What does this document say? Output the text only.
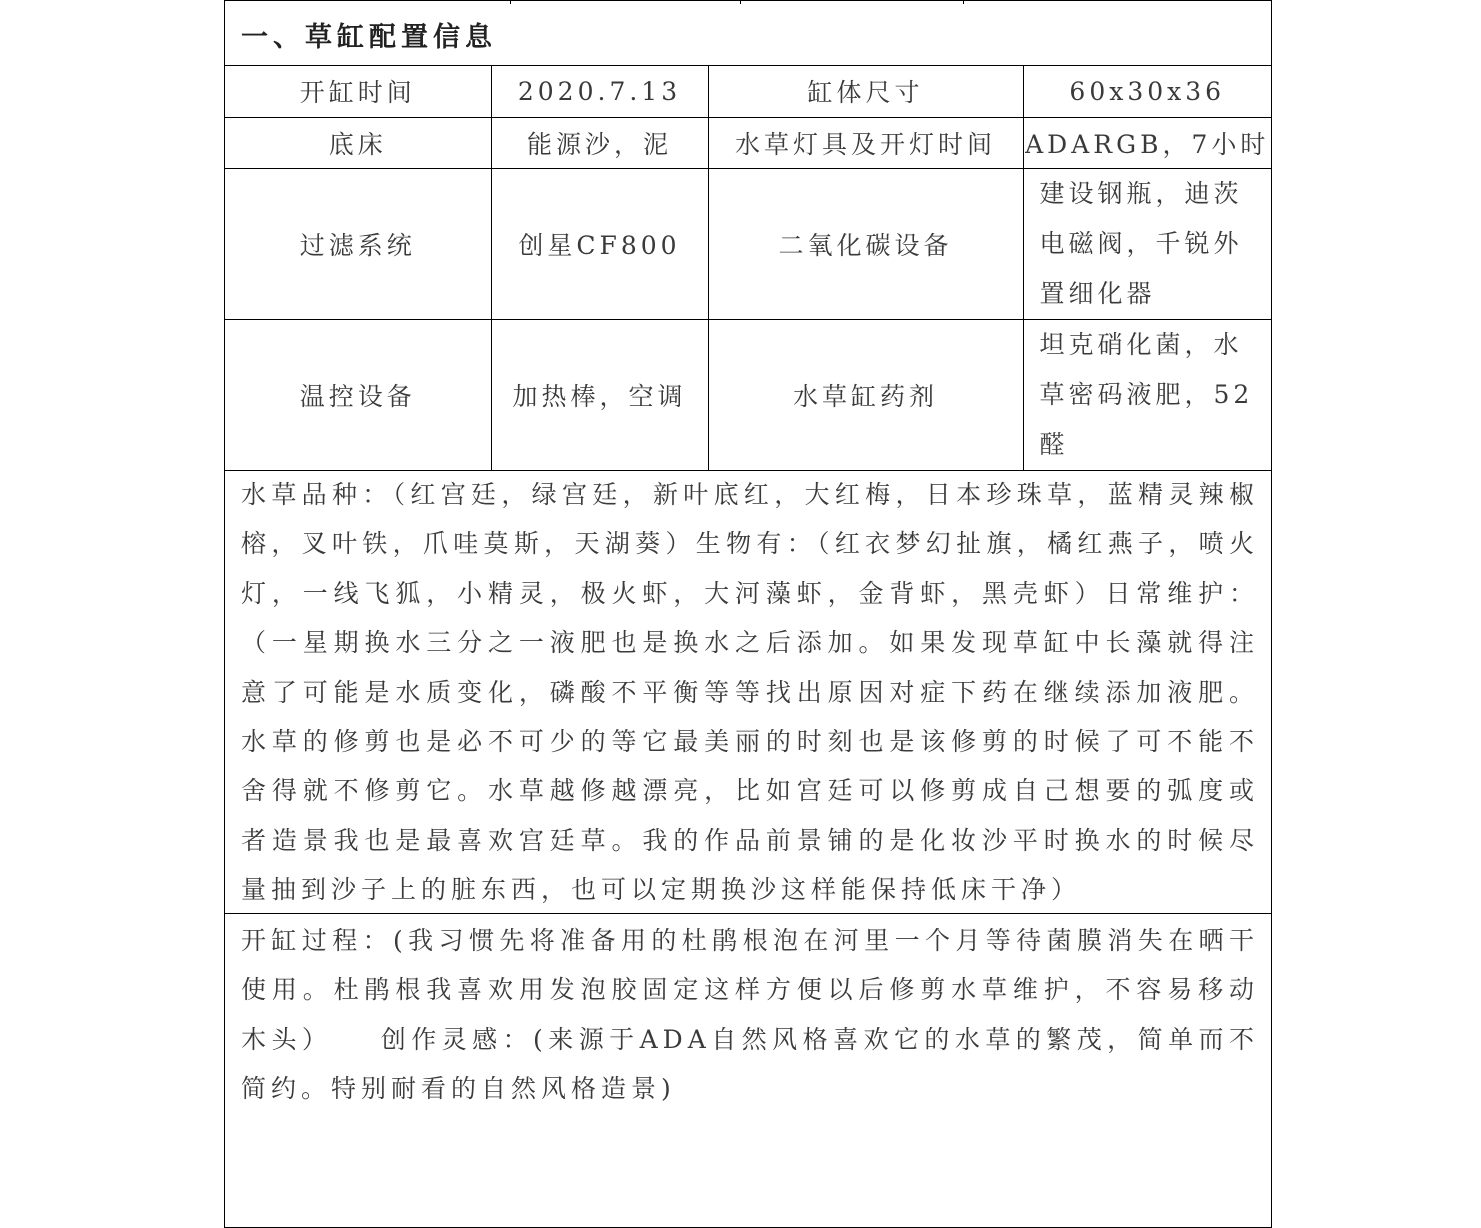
一、草缸配置信息
开缸时间	2020.7.13	缸体尺寸	60x30x36
底床	能源沙，泥	水草灯具及开灯时间	ADARGB，7小时
过滤系统	创星CF800	二氧化碳设备	建设钢瓶，迪茨电磁阀，千锐外置细化器
温控设备	加热棒，空调	水草缸药剂	坦克硝化菌，水草密码液肥，52醛
水草品种：（红宫廷，绿宫廷，新叶底红，大红梅，日本珍珠草，蓝精灵辣椒榕，叉叶铁，爪哇莫斯，天湖葵）生物有：（红衣梦幻扯旗，橘红燕子，喷火灯，一线飞狐，小精灵，极火虾，大河藻虾，金背虾，黑壳虾）日常维护：（一星期换水三分之一液肥也是换水之后添加。如果发现草缸中长藻就得注意了可能是水质变化，磷酸不平衡等等找出原因对症下药在继续添加液肥。水草的修剪也是必不可少的等它最美丽的时刻也是该修剪的时候了可不能不舍得就不修剪它。水草越修越漂亮，比如宫廷可以修剪成自己想要的弧度或者造景我也是最喜欢宫廷草。我的作品前景铺的是化妆沙平时换水的时候尽量抽到沙子上的脏东西，也可以定期换沙这样能保持低床干净）
开缸过程：(我习惯先将准备用的杜鹃根泡在河里一个月等待菌膜消失在晒干使用。杜鹃根我喜欢用发泡胶固定这样方便以后修剪水草维护，不容易移动木头）　　创作灵感：(来源于ADA自然风格喜欢它的水草的繁茂，简单而不简约。特别耐看的自然风格造景)
